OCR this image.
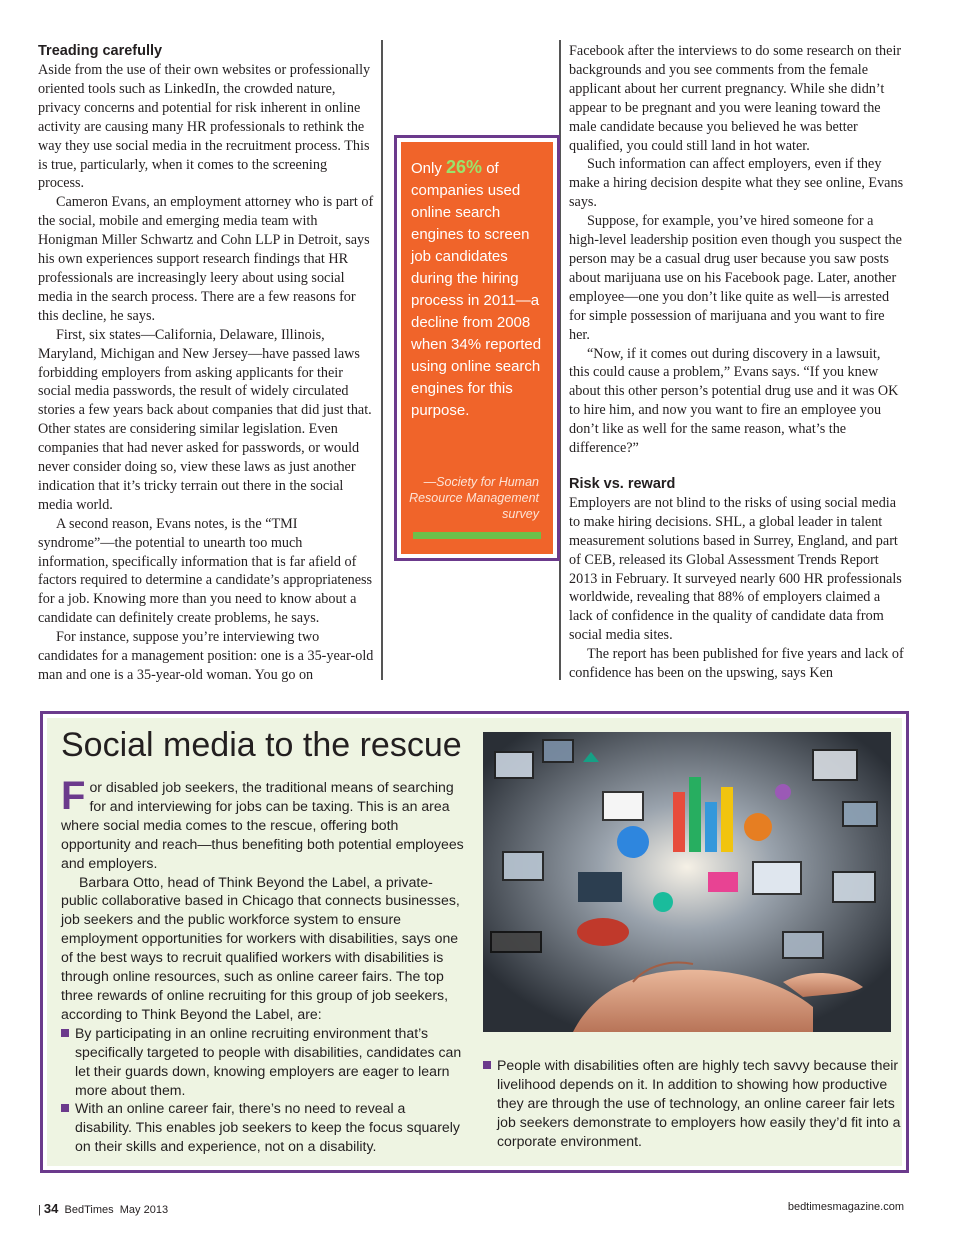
Treading carefully

Aside from the use of their own websites or professionally oriented tools such as LinkedIn, the crowded nature, privacy concerns and potential for risk inherent in online activity are causing many HR professionals to rethink the way they use social media in the recruitment process. This is true, particularly, when it comes to the screening process.

Cameron Evans, an employment attorney who is part of the social, mobile and emerging media team with Honigman Miller Schwartz and Cohn LLP in Detroit, says his own experiences support research findings that HR professionals are increasingly leery about using social media in the search process. There are a few reasons for this decline, he says.

First, six states—California, Delaware, Illinois, Maryland, Michigan and New Jersey—have passed laws forbidding employers from asking applicants for their social media passwords, the result of widely circulated stories a few years back about companies that did just that. Other states are considering similar legislation. Even companies that had never asked for passwords, or would never consider doing so, view these laws as just another indication that it’s tricky terrain out there in the social media world.

A second reason, Evans notes, is the “TMI syndrome”—the potential to unearth too much information, specifically information that is far afield of factors required to determine a candidate’s appropriateness for a job. Knowing more than you need to know about a candidate can definitely create problems, he says.

For instance, suppose you’re interviewing two candidates for a management position: one is a 35-year-old man and one is a 35-year-old woman. You go on

Only 26% of companies used online search engines to screen job candidates during the hiring process in 2011—a decline from 2008 when 34% reported using online search engines for this purpose.
—Society for Human Resource Management survey

Facebook after the interviews to do some research on their backgrounds and you see comments from the female applicant about her current pregnancy. While she didn’t appear to be pregnant and you were leaning toward the male candidate because you believed he was better qualified, you could still land in hot water.

Such information can affect employers, even if they make a hiring decision despite what they see online, Evans says.

Suppose, for example, you’ve hired someone for a high-level leadership position even though you suspect the person may be a casual drug user because you saw posts about marijuana use on his Facebook page. Later, another employee—one you don’t like quite as well—is arrested for simple possession of marijuana and you want to fire her.

“Now, if it comes out during discovery in a lawsuit, this could cause a problem,” Evans says. “If you knew about this other person’s potential drug use and it was OK to hire him, and now you want to fire an employee you don’t like as well for the same reason, what’s the difference?”

Risk vs. reward

Employers are not blind to the risks of using social media to make hiring decisions. SHL, a global leader in talent measurement solutions based in Surrey, England, and part of CEB, released its Global Assessment Trends Report 2013 in February. It surveyed nearly 600 HR professionals worldwide, revealing that 88% of employers claimed a lack of confidence in the quality of candidate data from social media sites.

The report has been published for five years and lack of confidence has been on the upswing, says Ken

Social media to the rescue

For disabled job seekers, the traditional means of searching for and interviewing for jobs can be taxing. This is an area where social media comes to the rescue, offering both opportunity and reach—thus benefiting both potential employees and employers.

Barbara Otto, head of Think Beyond the Label, a private-public collaborative based in Chicago that connects businesses, job seekers and the public workforce system to ensure employment opportunities for workers with disabilities, says one of the best ways to recruit qualified workers with disabilities is through online resources, such as online career fairs. The top three rewards of online recruiting for this group of job seekers, according to Think Beyond the Label, are:

By participating in an online recruiting environment that’s specifically targeted to people with disabilities, candidates can let their guards down, knowing employers are eager to learn more about them.
With an online career fair, there’s no need to reveal a disability. This enables job seekers to keep the focus squarely on their skills and experience, not on a disability.
People with disabilities often are highly tech savvy because their livelihood depends on it. In addition to showing how productive they are through the use of technology, an online career fair lets job seekers demonstrate to employers how easily they’d fit into a corporate environment.
| 34 BedTimes May 2013	bedtimesmagazine.com
